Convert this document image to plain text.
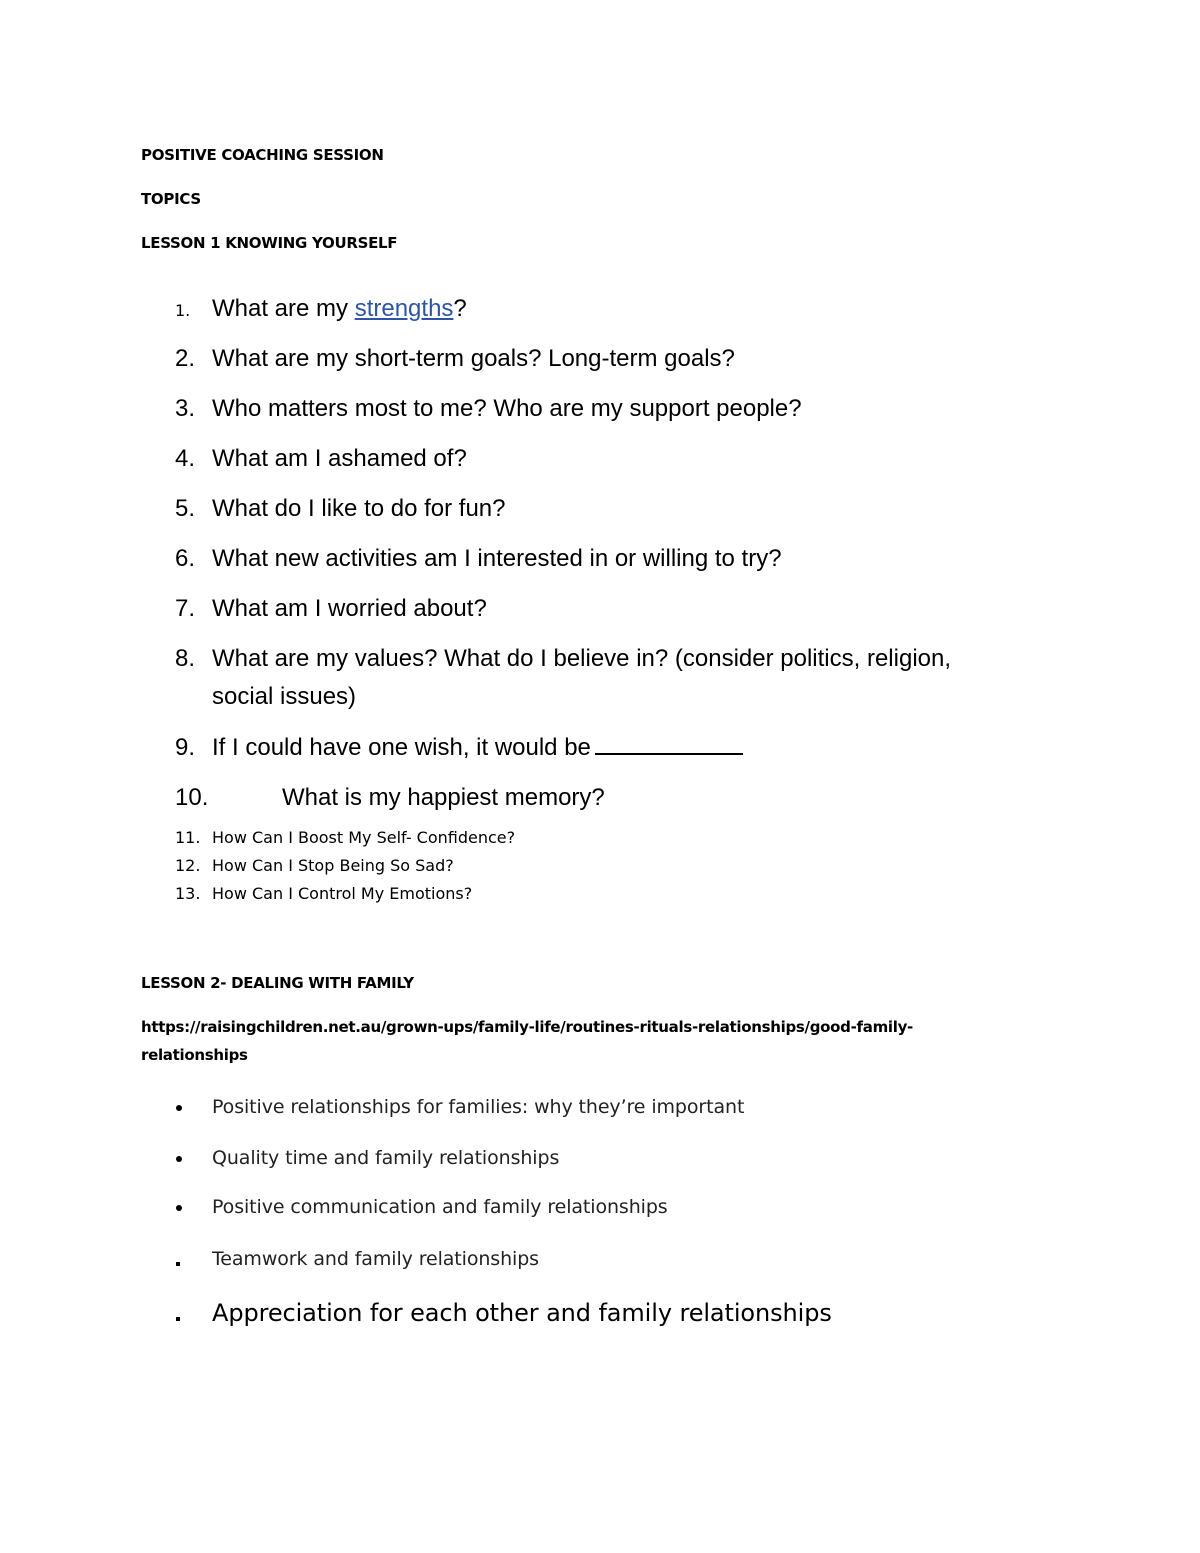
POSITIVE COACHING SESSION
TOPICS
LESSON 1 KNOWING YOURSELF
1. What are my strengths?
2. What are my short-term goals? Long-term goals?
3. Who matters most to me? Who are my support people?
4. What am I ashamed of?
5. What do I like to do for fun?
6. What new activities am I interested in or willing to try?
7. What am I worried about?
8. What are my values? What do I believe in? (consider politics, religion,
social issues)
9. If I could have one wish, it would be
10.	What is my happiest memory?
11. How Can I Boost My Self- Confidence?
12. How Can I Stop Being So Sad?
13. How Can I Control My Emotions?
LESSON 2- DEALING WITH FAMILY
https://raisingchildren.net.au/grown-ups/family-life/routines-rituals-relationships/good-family-
relationships
Positive relationships for families: why they’re important
Quality time and family relationships
Positive communication and family relationships
Teamwork and family relationships
Appreciation for each other and family relationships
